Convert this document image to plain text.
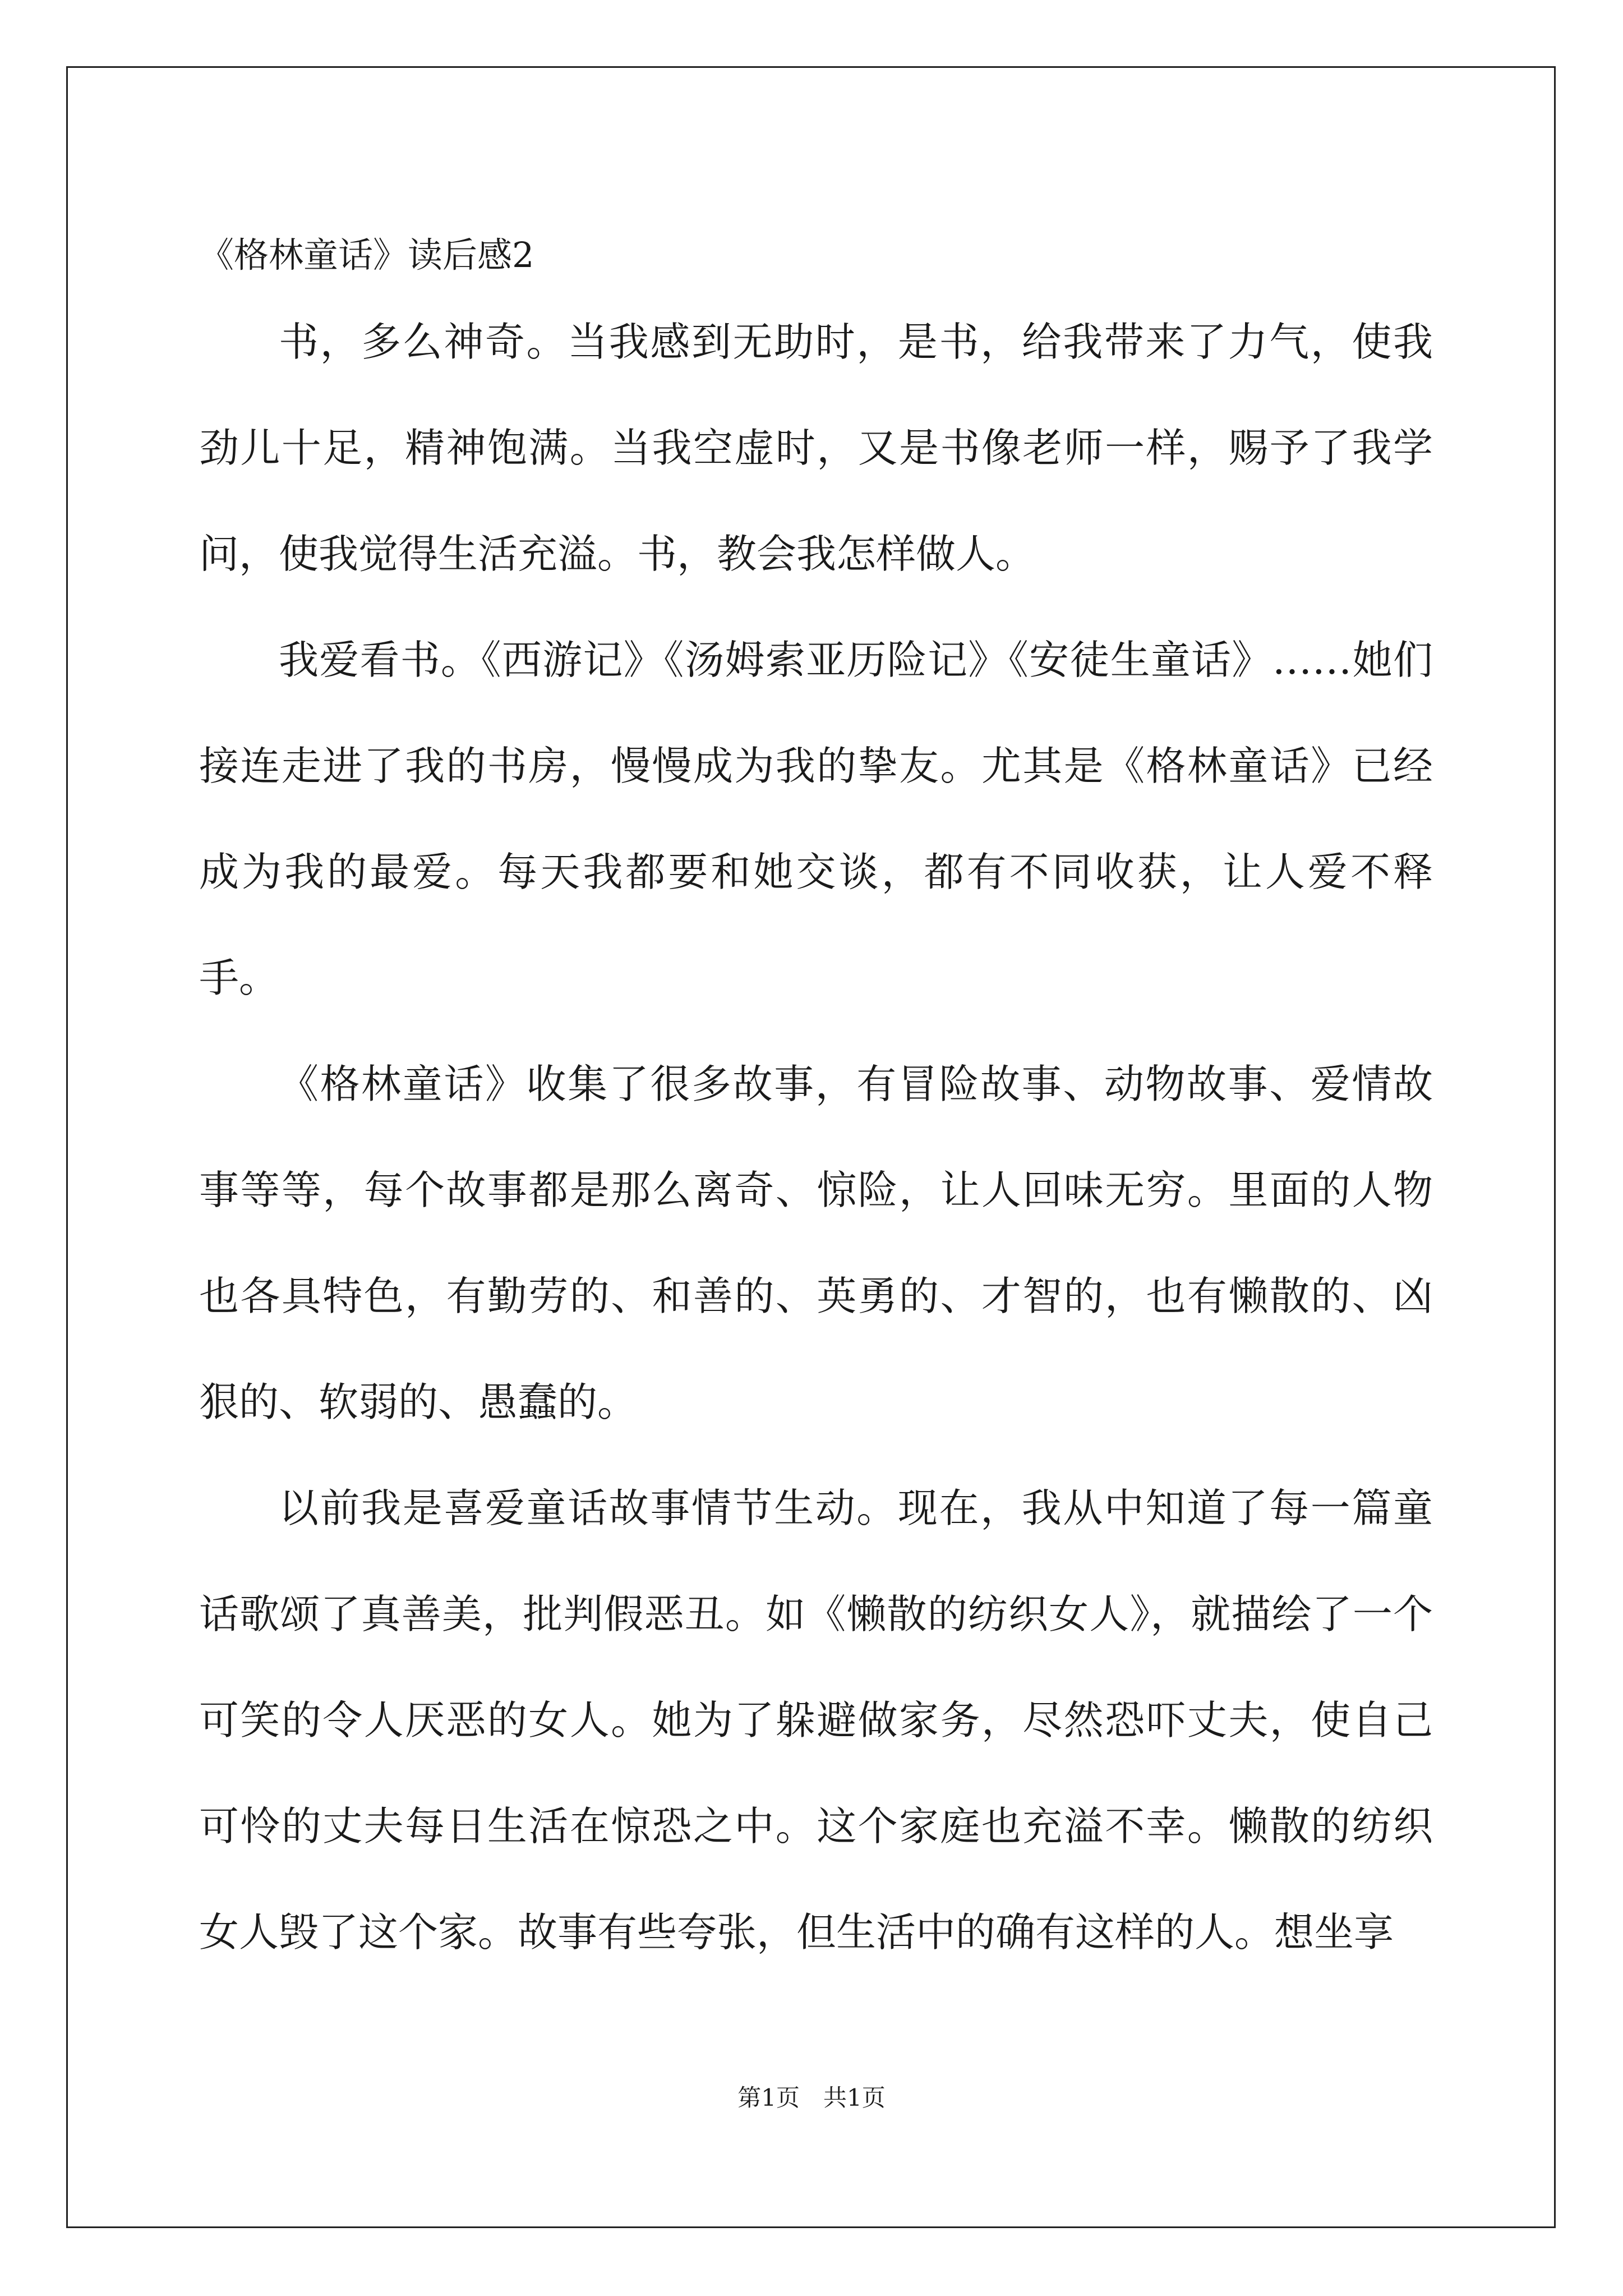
《格林童话》读后感2

书，多么神奇。当我感到无助时，是书，给我带来了力气，使我劲儿十足，精神饱满。当我空虚时，又是书像老师一样，赐予了我学问，使我觉得生活充溢。书，教会我怎样做人。

我爱看书。《西游记》《汤姆索亚历险记》《安徒生童话》……她们接连走进了我的书房，慢慢成为我的挚友。尤其是《格林童话》已经成为我的最爱。每天我都要和她交谈，都有不同收获，让人爱不释手。

《格林童话》收集了很多故事，有冒险故事、动物故事、爱情故事等等，每个故事都是那么离奇、惊险，让人回味无穷。里面的人物也各具特色，有勤劳的、和善的、英勇的、才智的，也有懒散的、凶狠的、软弱的、愚蠢的。

以前我是喜爱童话故事情节生动。现在，我从中知道了每一篇童话歌颂了真善美，批判假恶丑。如《懒散的纺织女人》，就描绘了一个可笑的令人厌恶的女人。她为了躲避做家务，尽然恐吓丈夫，使自己可怜的丈夫每日生活在惊恐之中。这个家庭也充溢不幸。懒散的纺织女人毁了这个家。故事有些夸张，但生活中的确有这样的人。想坐享

第1页　共1页
